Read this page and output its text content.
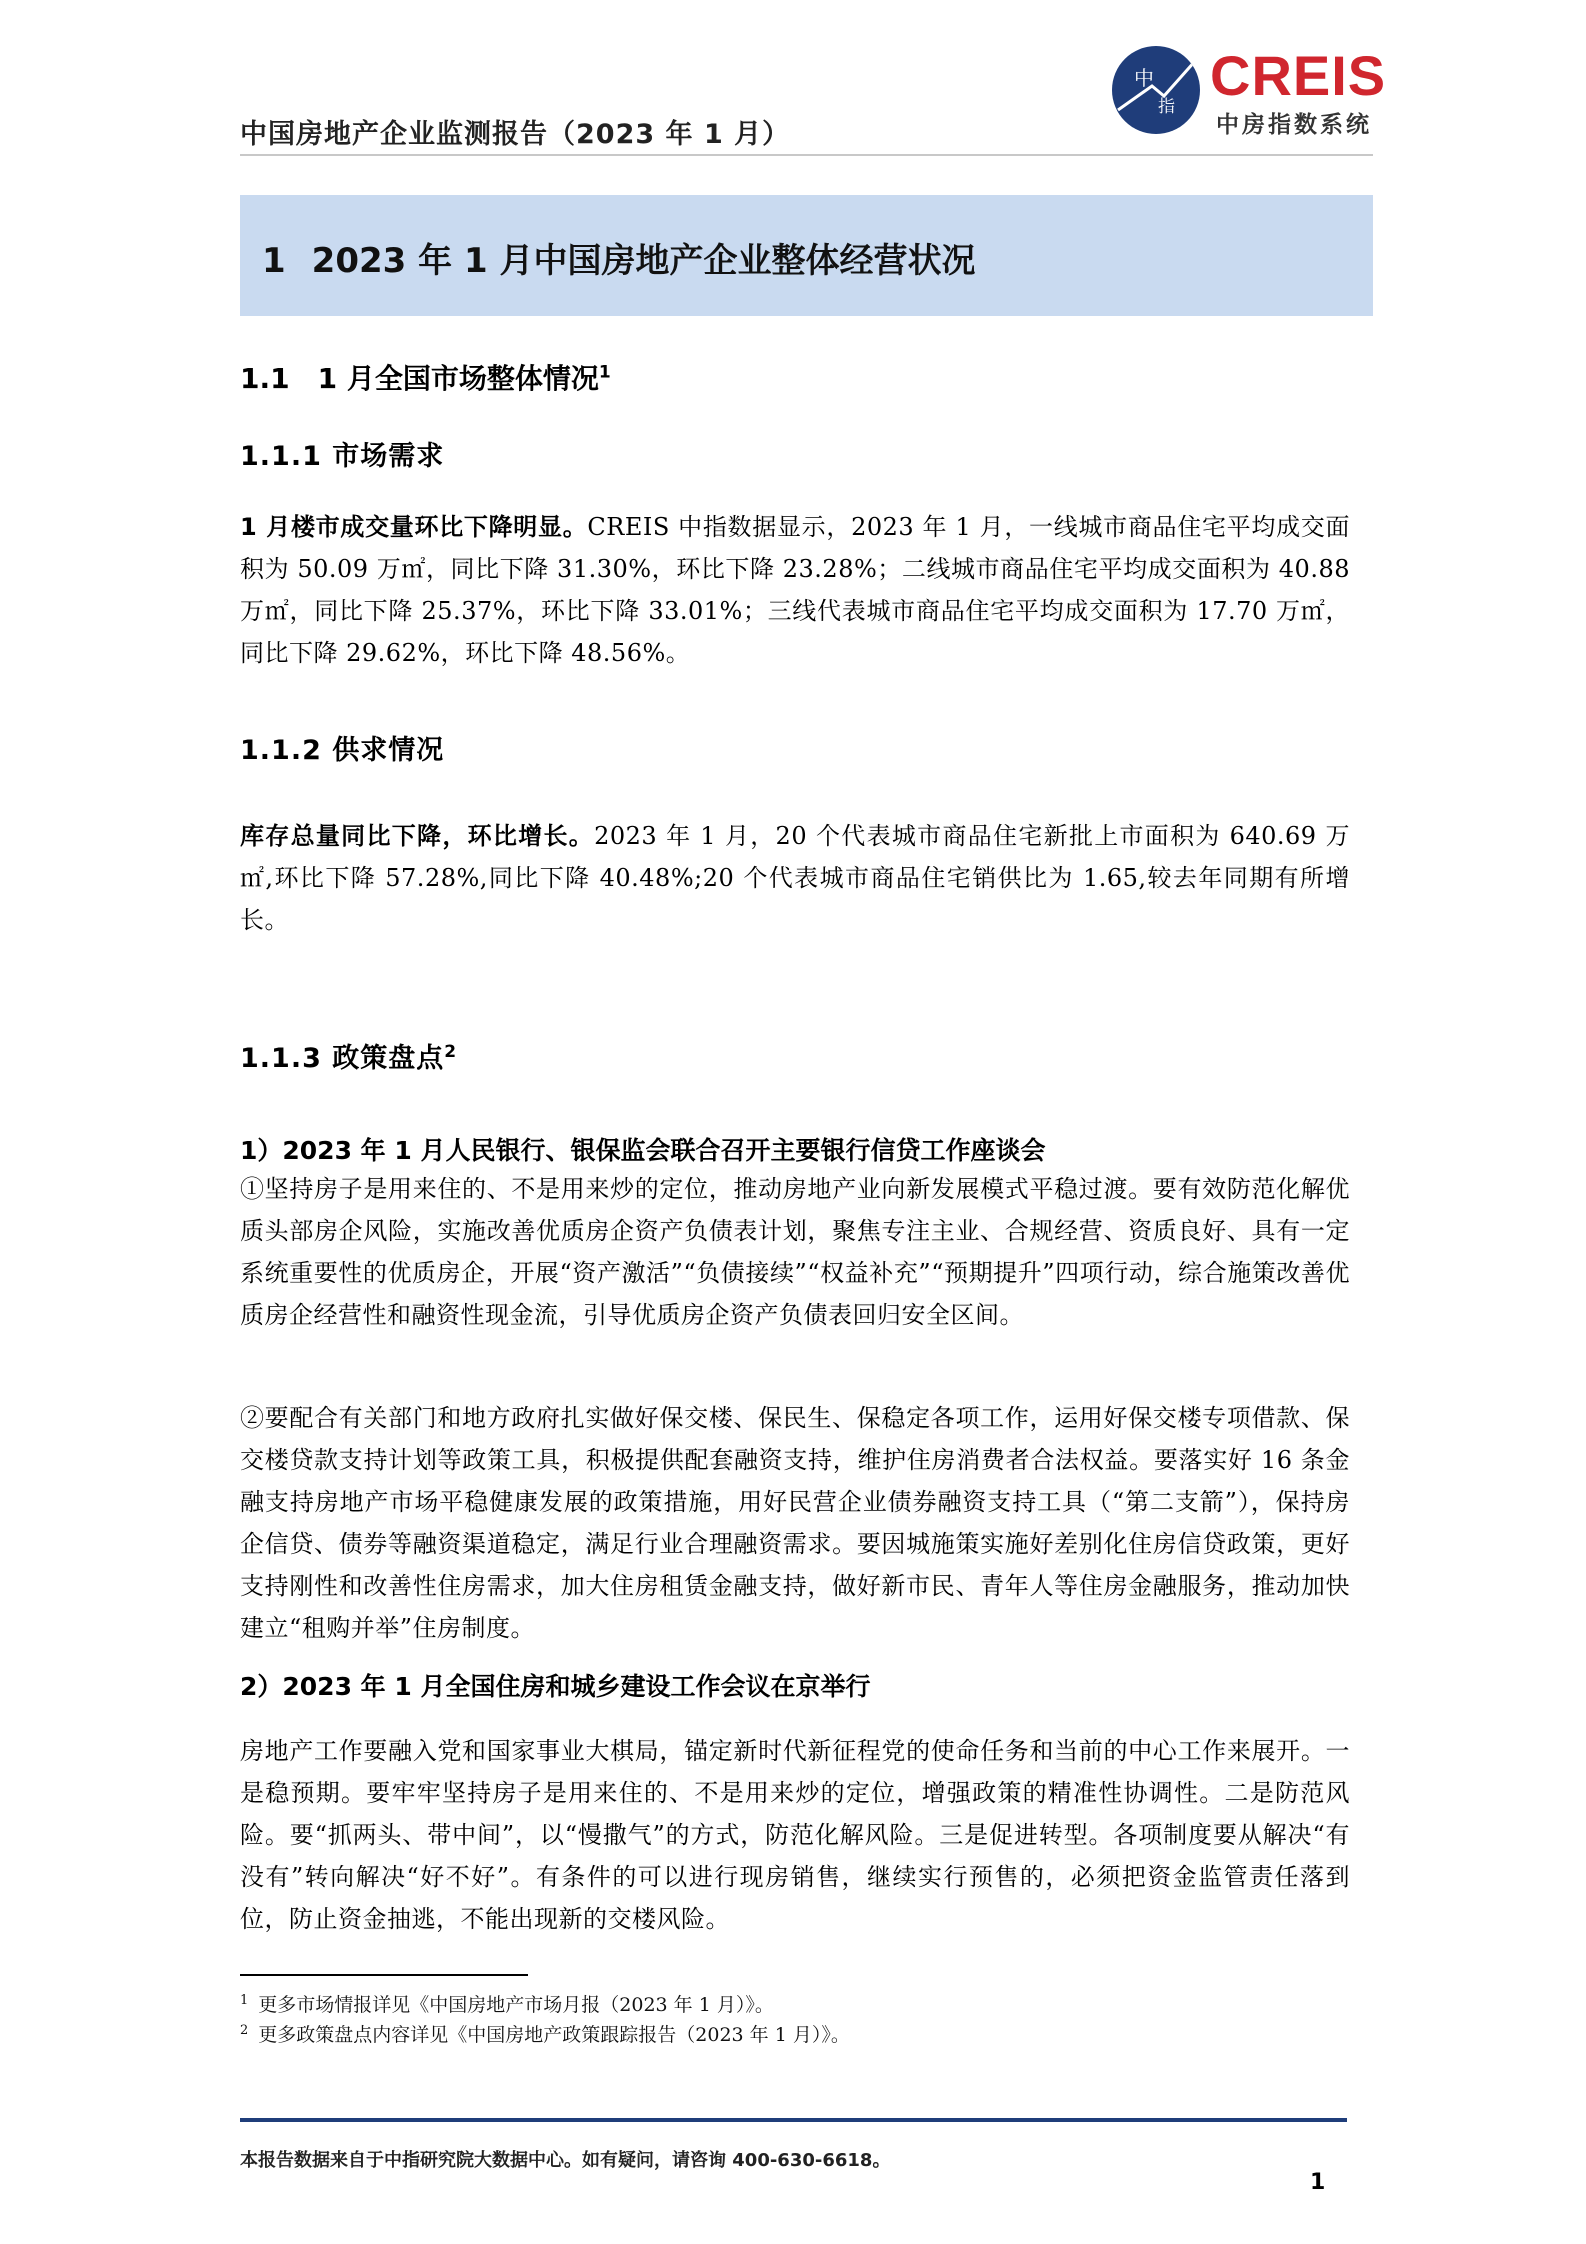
中国房地产企业监测报告（2023 年 1 月）
中
指 CREIS
中房指数系统
1 2023 年 1 月中国房地产企业整体经营状况
1.1　1 月全国市场整体情况$^1$
1.1.1 市场需求
1 月楼市成交量环比下降明显。CREIS 中指数据显示，2023 年 1 月，一线城市商品住宅平均成交面积为 50.09 万㎡，同比下降 31.30%，环比下降 23.28%；二线城市商品住宅平均成交面积为 40.88 万㎡，同比下降 25.37%，环比下降 33.01%；三线代表城市商品住宅平均成交面积为 17.70 万㎡，同比下降 29.62%，环比下降 48.56%。
1.1.2 供求情况
库存总量同比下降，环比增长。2023 年 1 月，20 个代表城市商品住宅新批上市面积为 640.69 万㎡,环比下降 57.28%,同比下降 40.48%;20 个代表城市商品住宅销供比为 1.65,较去年同期有所增长。
1.1.3 政策盘点$^2$
1）2023 年 1 月人民银行、银保监会联合召开主要银行信贷工作座谈会
①坚持房子是用来住的、不是用来炒的定位，推动房地产业向新发展模式平稳过渡。要有效防范化解优质头部房企风险，实施改善优质房企资产负债表计划，聚焦专注主业、合规经营、资质良好、具有一定系统重要性的优质房企，开展“资产激活”“负债接续”“权益补充”“预期提升”四项行动，综合施策改善优质房企经营性和融资性现金流，引导优质房企资产负债表回归安全区间。
②要配合有关部门和地方政府扎实做好保交楼、保民生、保稳定各项工作，运用好保交楼专项借款、保交楼贷款支持计划等政策工具，积极提供配套融资支持，维护住房消费者合法权益。要落实好 16 条金融支持房地产市场平稳健康发展的政策措施，用好民营企业债券融资支持工具（“第二支箭”），保持房企信贷、债券等融资渠道稳定，满足行业合理融资需求。要因城施策实施好差别化住房信贷政策，更好支持刚性和改善性住房需求，加大住房租赁金融支持，做好新市民、青年人等住房金融服务，推动加快建立“租购并举”住房制度。
2）2023 年 1 月全国住房和城乡建设工作会议在京举行
房地产工作要融入党和国家事业大棋局，锚定新时代新征程党的使命任务和当前的中心工作来展开。一是稳预期。要牢牢坚持房子是用来住的、不是用来炒的定位，增强政策的精准性协调性。二是防范风险。要“抓两头、带中间”，以“慢撒气”的方式，防范化解风险。三是促进转型。各项制度要从解决“有没有”转向解决“好不好”。有条件的可以进行现房销售，继续实行预售的，必须把资金监管责任落到位，防止资金抽逃，不能出现新的交楼风险。
$^1$ 更多市场情报详见《中国房地产市场月报（2023 年 1 月）》。
$^2$ 更多政策盘点内容详见《中国房地产政策跟踪报告（2023 年 1 月）》。
本报告数据来自于中指研究院大数据中心。如有疑问，请咨询 400-630-6618。
1
